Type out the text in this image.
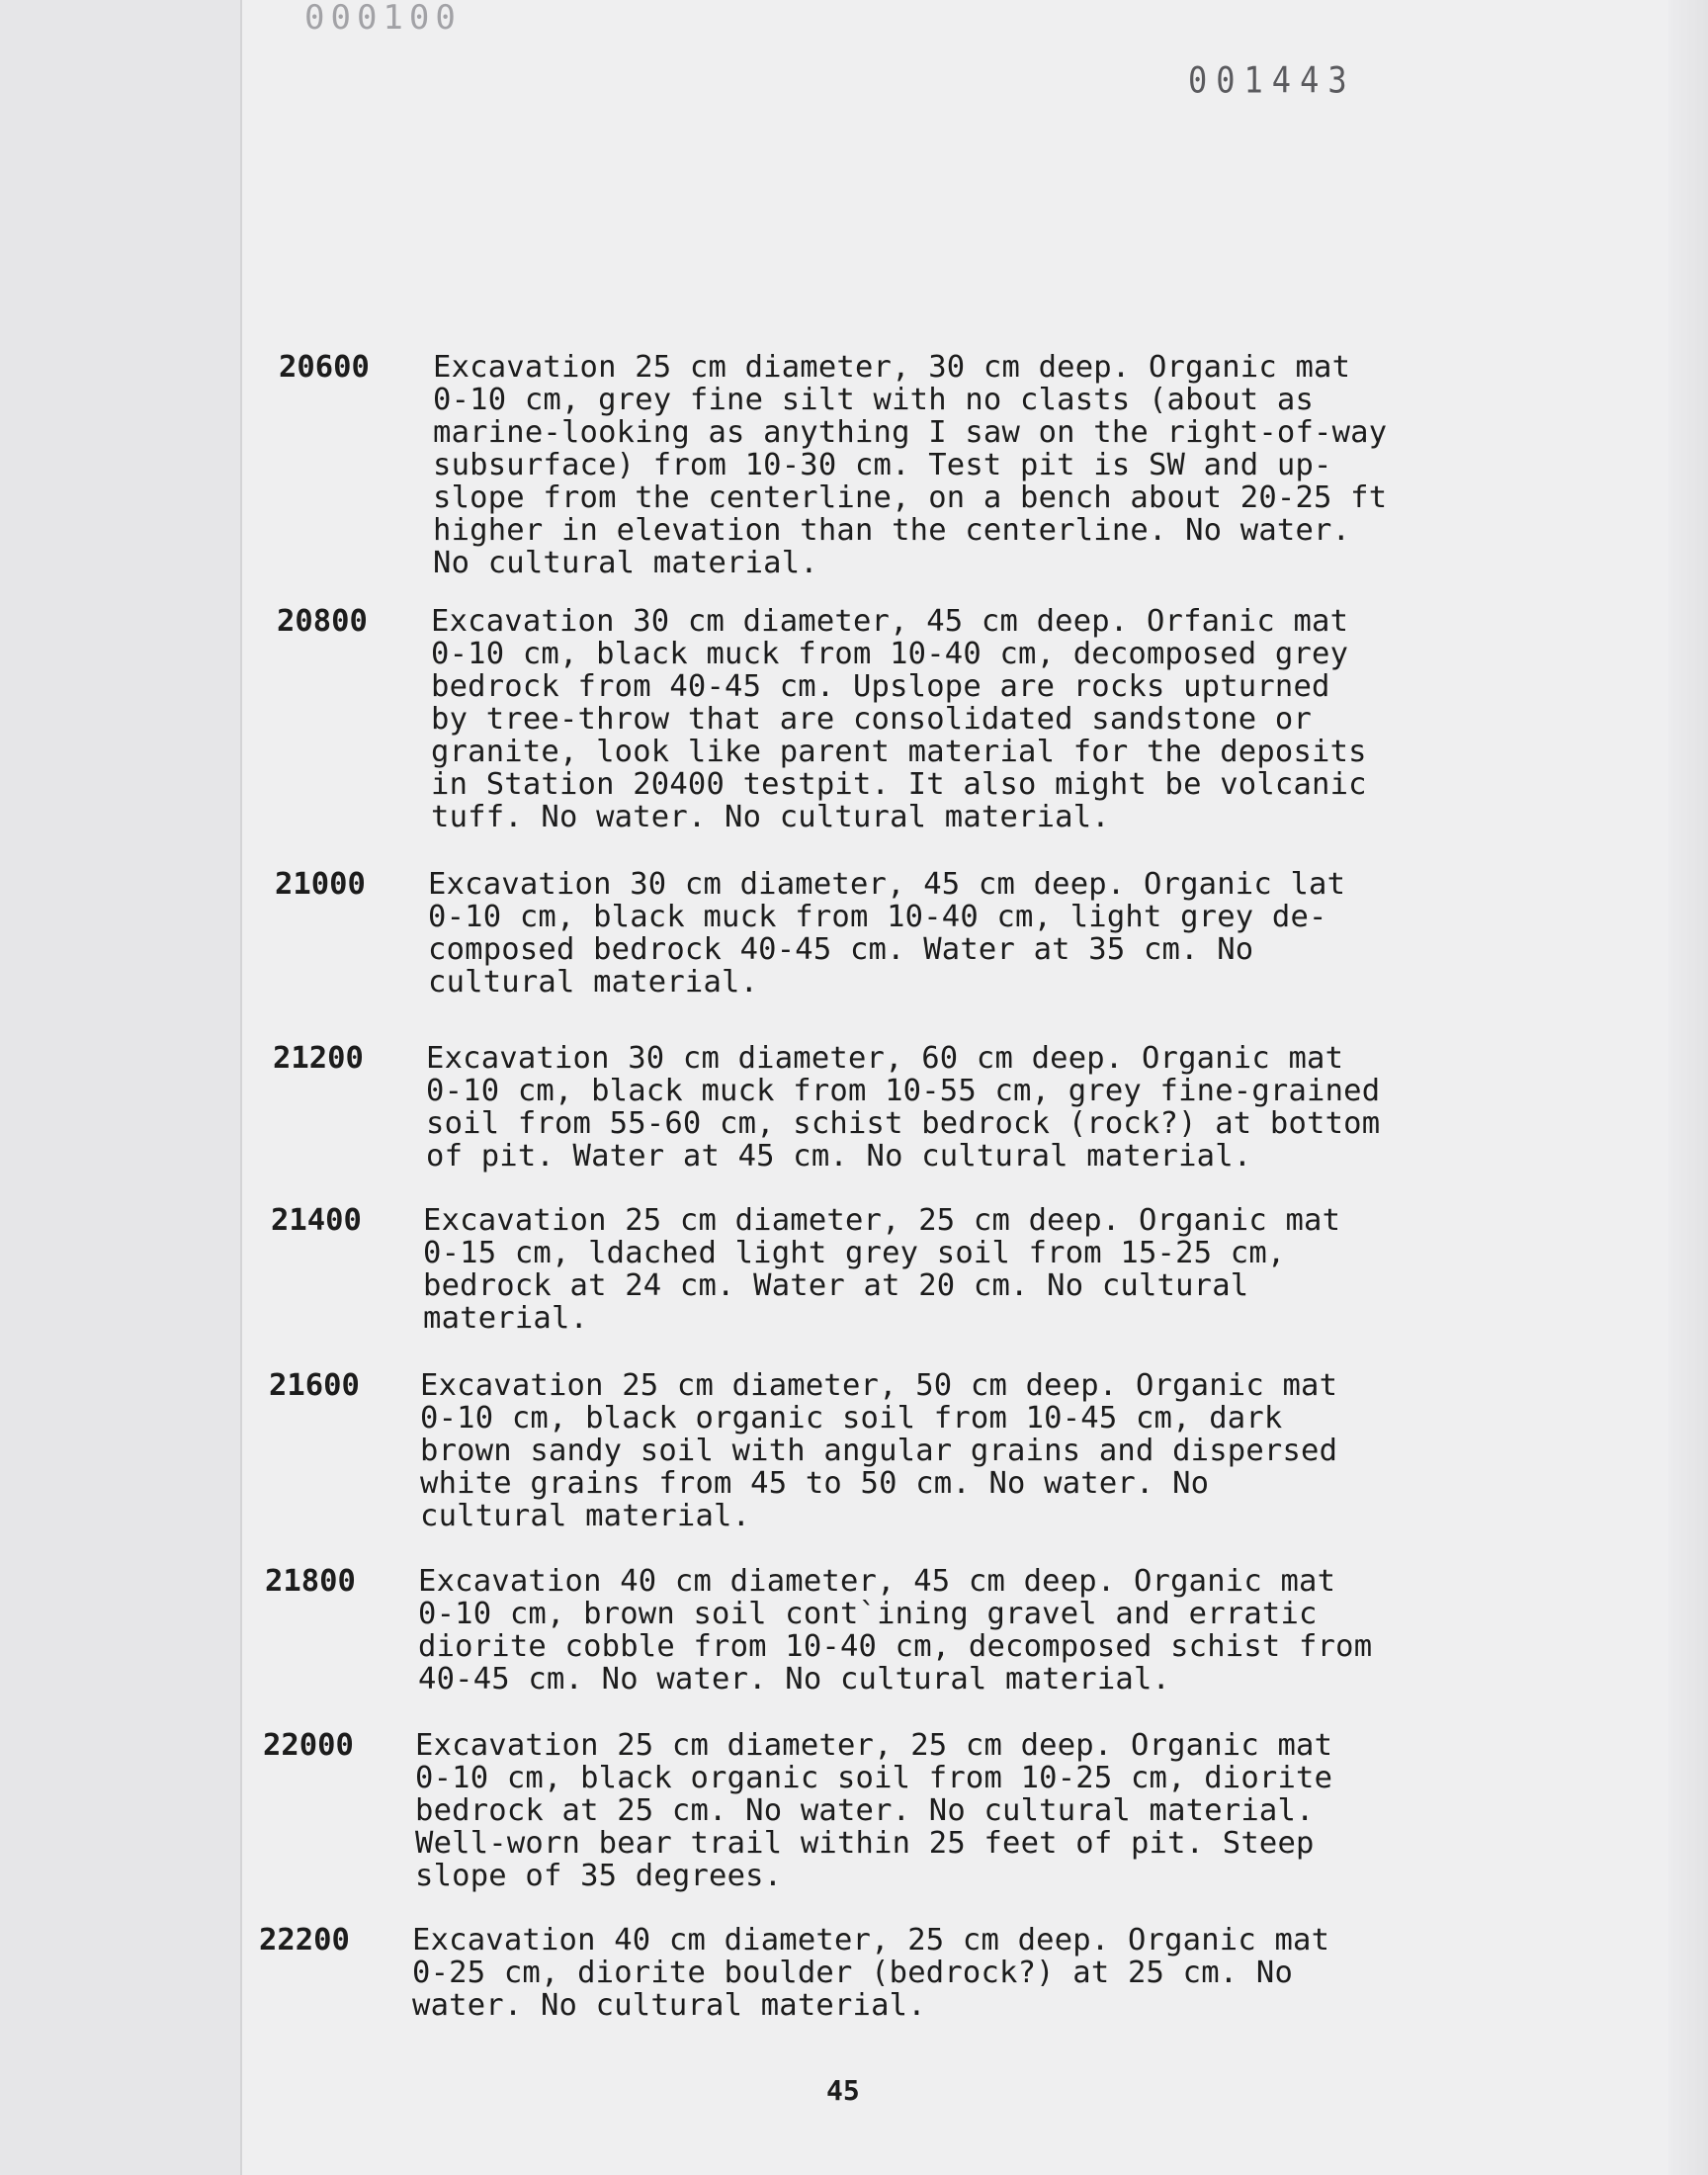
000100
001443
20600	Excavation 25 cm diameter, 30 cm deep. Organic mat
0-10 cm, grey fine silt with no clasts (about as
marine-looking as anything I saw on the right-of-way
subsurface) from 10-30 cm. Test pit is SW and up-
slope from the centerline, on a bench about 20-25 ft
higher in elevation than the centerline. No water.
No cultural material.
20800	Excavation 30 cm diameter, 45 cm deep. Orfanic mat
0-10 cm, black muck from 10-40 cm, decomposed grey
bedrock from 40-45 cm. Upslope are rocks upturned
by tree-throw that are consolidated sandstone or
granite, look like parent material for the deposits
in Station 20400 testpit. It also might be volcanic
tuff. No water. No cultural material.
21000	Excavation 30 cm diameter, 45 cm deep. Organic lat
0-10 cm, black muck from 10-40 cm, light grey de-
composed bedrock 40-45 cm. Water at 35 cm. No
cultural material.
21200	Excavation 30 cm diameter, 60 cm deep. Organic mat
0-10 cm, black muck from 10-55 cm, grey fine-grained
soil from 55-60 cm, schist bedrock (rock?) at bottom
of pit. Water at 45 cm. No cultural material.
21400	Excavation 25 cm diameter, 25 cm deep. Organic mat
0-15 cm, ldached light grey soil from 15-25 cm,
bedrock at 24 cm. Water at 20 cm. No cultural
material.
21600	Excavation 25 cm diameter, 50 cm deep. Organic mat
0-10 cm, black organic soil from 10-45 cm, dark
brown sandy soil with angular grains and dispersed
white grains from 45 to 50 cm. No water. No
cultural material.
21800	Excavation 40 cm diameter, 45 cm deep. Organic mat
0-10 cm, brown soil cont`ining gravel and erratic
diorite cobble from 10-40 cm, decomposed schist from
40-45 cm. No water. No cultural material.
22000	Excavation 25 cm diameter, 25 cm deep. Organic mat
0-10 cm, black organic soil from 10-25 cm, diorite
bedrock at 25 cm. No water. No cultural material.
Well-worn bear trail within 25 feet of pit. Steep
slope of 35 degrees.
22200	Excavation 40 cm diameter, 25 cm deep. Organic mat
0-25 cm, diorite boulder (bedrock?) at 25 cm. No
water. No cultural material.
45
